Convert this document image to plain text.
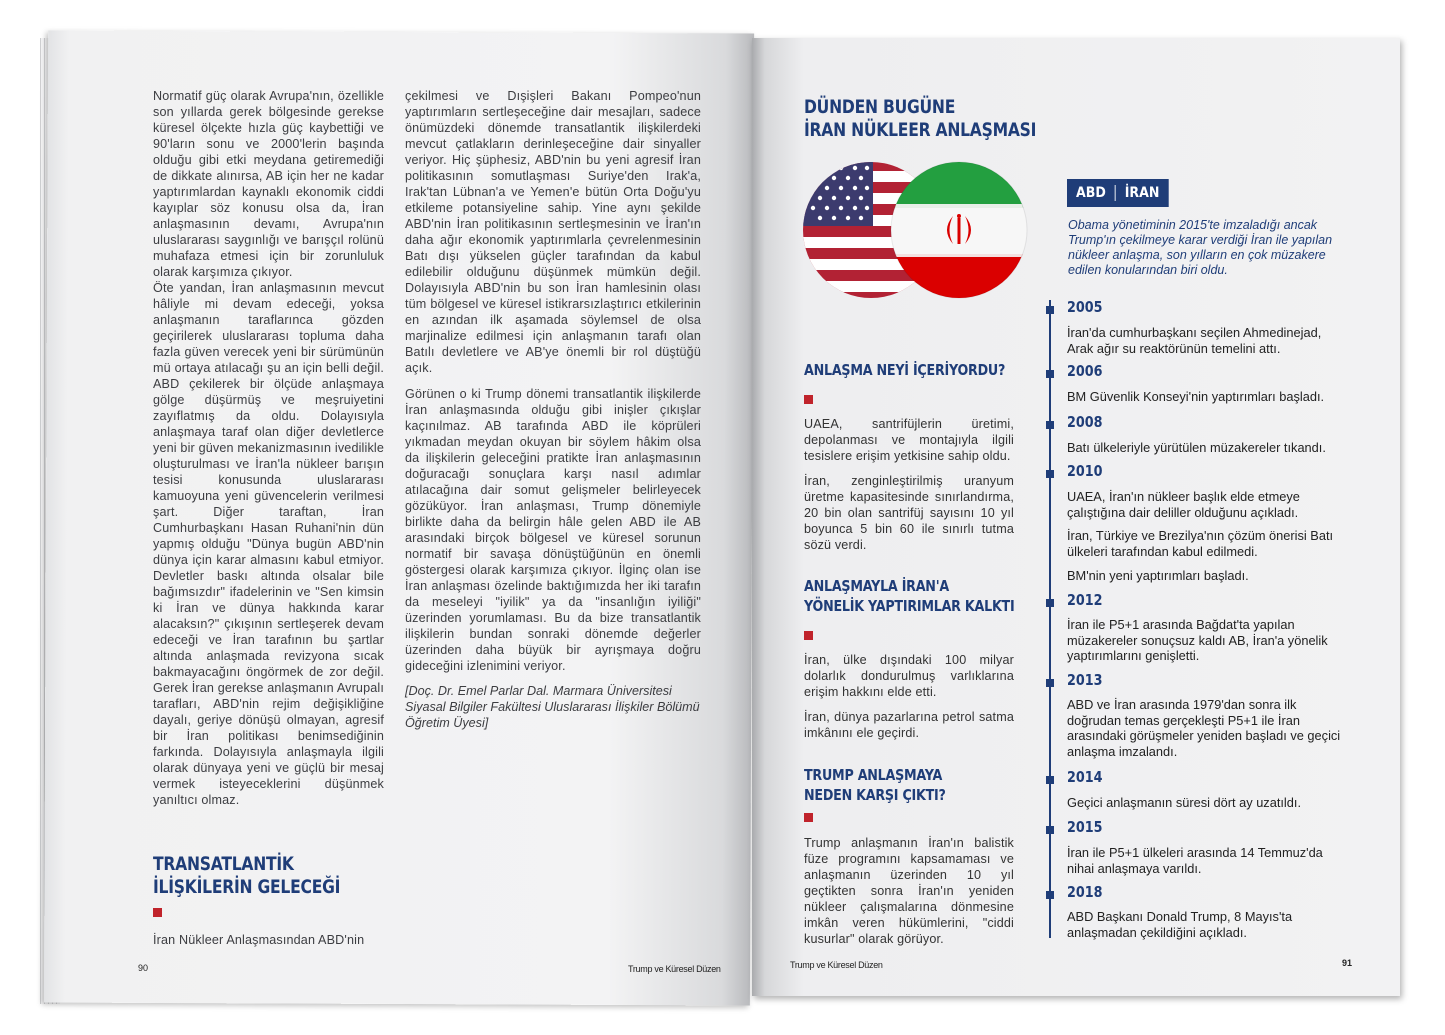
Normatif güç olarak Avrupa'nın, özellikle son yıllarda gerek bölgesinde gerekse küresel ölçekte hızla güç kaybettiği ve 90'ların sonu ve 2000'lerin başında olduğu gibi etki meydana getiremediği de dikkate alınırsa, AB için her ne kadar yaptırımlardan kaynaklı ekonomik ciddi kayıplar söz konusu olsa da, İran anlaşmasının devamı, Avrupa'nın uluslararası saygınlığı ve barışçıl rolünü muhafaza etmesi için bir zorunluluk olarak karşımıza çıkıyor.

Öte yandan, İran anlaşmasının mevcut hâliyle mi devam edeceği, yoksa anlaşmanın taraflarınca gözden geçirilerek uluslararası topluma daha fazla güven verecek yeni bir sürümünün mü ortaya atılacağı şu an için belli değil. ABD çekilerek bir ölçüde anlaşmaya gölge düşürmüş ve meşruiyetini zayıflatmış da oldu. Dolayısıyla anlaşmaya taraf olan diğer devletlerce yeni bir güven mekanizmasının ivedilikle oluşturulması ve İran'la nükleer barışın tesisi konusunda uluslararası kamuoyuna yeni güvencelerin verilmesi şart. Diğer taraftan, İran Cumhurbaşkanı Hasan Ruhani'nin dün yapmış olduğu "Dünya bugün ABD'nin dünya için karar almasını kabul etmiyor. Devletler baskı altında olsalar bile bağımsızdır" ifadelerinin ve "Sen kimsin ki İran ve dünya hakkında karar alacaksın?" çıkışının sertleşerek devam edeceği ve İran tarafının bu şartlar altında anlaşmada revizyona sıcak bakmayacağını öngörmek de zor değil. Gerek İran gerekse anlaşmanın Avrupalı tarafları, ABD'nin rejim değişikliğine dayalı, geriye dönüşü olmayan, agresif bir İran politikası benimsediğinin farkında. Dolayısıyla anlaşmayla ilgili olarak dünyaya yeni ve güçlü bir mesaj vermek isteyeceklerini düşünmek yanıltıcı olmaz.

TRANSATLANTİK
İLİŞKİLERİN GELECEĞİ
İran Nükleer Anlaşmasından ABD'nin

çekilmesi ve Dışişleri Bakanı Pompeo'nun yaptırımların sertleşeceğine dair mesajları, sadece önümüzdeki dönemde transatlantik ilişkilerdeki mevcut çatlakların derinleşeceğine dair sinyaller veriyor. Hiç şüphesiz, ABD'nin bu yeni agresif İran politikasının somutlaşması Suriye'den Irak'a, Irak'tan Lübnan'a ve Yemen'e bütün Orta Doğu'yu etkileme potansiyeline sahip. Yine aynı şekilde ABD'nin İran politikasının sertleşmesinin ve İran'ın daha ağır ekonomik yaptırımlarla çevrelenmesinin Batı dışı yükselen güçler tarafından da kabul edilebilir olduğunu düşünmek mümkün değil. Dolayısıyla ABD'nin bu son İran hamlesinin olası tüm bölgesel ve küresel istikrarsızlaştırıcı etkilerinin en azından ilk aşamada söylemsel de olsa marjinalize edilmesi için anlaşmanın tarafı olan Batılı devletlere ve AB'ye önemli bir rol düştüğü açık.

Görünen o ki Trump dönemi transatlantik ilişkilerde İran anlaşmasında olduğu gibi inişler çıkışlar kaçınılmaz. AB tarafında ABD ile köprüleri yıkmadan meydan okuyan bir söylem hâkim olsa da ilişkilerin geleceğini pratikte İran anlaşmasının doğuracağı sonuçlara karşı nasıl adımlar atılacağına dair somut gelişmeler belirleyecek gözüküyor. İran anlaşması, Trump dönemiyle birlikte daha da belirgin hâle gelen ABD ile AB arasındaki birçok bölgesel ve küresel sorunun normatif bir savaşa dönüştüğünün en önemli göstergesi olarak karşımıza çıkıyor. İlginç olan ise İran anlaşması özelinde baktığımızda her iki tarafın da meseleyi "iyilik" ya da "insanlığın iyiliği" üzerinden yorumlaması. Bu da bize transatlantik ilişkilerin bundan sonraki dönemde değerler üzerinden daha büyük bir ayrışmaya doğru gideceğini izlenimini veriyor.

[Doç. Dr. Emel Parlar Dal. Marmara Üniversitesi Siyasal Bilgiler Fakültesi Uluslararası İlişkiler Bölümü Öğretim Üyesi]
90	Trump ve Küresel Düzen
DÜNDEN BUGÜNE
İRAN NÜKLEER ANLAŞMASI
ABD İRAN
Obama yönetiminin 2015'te imzaladığı ancak Trump'ın çekilmeye karar verdiği İran ile yapılan nükleer anlaşma, son yılların en çok müzakere edilen konularından biri oldu.
ANLAŞMA NEYİ İÇERİYORDU?

UAEA, santrifüjlerin üretimi, depolanması ve montajıyla ilgili tesislere erişim yetkisine sahip oldu.

İran, zenginleştirilmiş uranyum üretme kapasitesinde sınırlandırma, 20 bin olan santrifüj sayısını 10 yıl boyunca 5 bin 60 ile sınırlı tutma sözü verdi.

ANLAŞMAYLA İRAN'A
YÖNELİK YAPTIRIMLAR KALKTI

İran, ülke dışındaki 100 milyar dolarlık dondurulmuş varlıklarına erişim hakkını elde etti.

İran, dünya pazarlarına petrol satma imkânını ele geçirdi.

TRUMP ANLAŞMAYA
NEDEN KARŞI ÇIKTI?

Trump anlaşmanın İran'ın balistik füze programını kapsamaması ve anlaşmanın üzerinden 10 yıl geçtikten sonra İran'ın yeniden nükleer çalışmalarına dönmesine imkân veren hükümlerini, "ciddi kusurlar" olarak görüyor.

2005
İran'da cumhurbaşkanı seçilen Ahmedinejad, Arak ağır su reaktörünün temelini attı.
2006
BM Güvenlik Konseyi'nin yaptırımları başladı.
2008
Batı ülkeleriyle yürütülen müzakereler tıkandı.
2010
UAEA, İran'ın nükleer başlık elde etmeye çalıştığına dair deliller olduğunu açıkladı.
İran, Türkiye ve Brezilya'nın çözüm önerisi Batı ülkeleri tarafından kabul edilmedi.
BM'nin yeni yaptırımları başladı.
2012
İran ile P5+1 arasında Bağdat'ta yapılan müzakereler sonuçsuz kaldı AB, İran'a yönelik yaptırımlarını genişletti.
2013
ABD ve İran arasında 1979'dan sonra ilk doğrudan temas gerçekleşti P5+1 ile İran arasındaki görüşmeler yeniden başladı ve geçici anlaşma imzalandı.
2014
Geçici anlaşmanın süresi dört ay uzatıldı.
2015
İran ile P5+1 ülkeleri arasında 14 Temmuz'da nihai anlaşmaya varıldı.
2018
ABD Başkanı Donald Trump, 8 Mayıs'ta anlaşmadan çekildiğini açıkladı.
Trump ve Küresel Düzen	91
